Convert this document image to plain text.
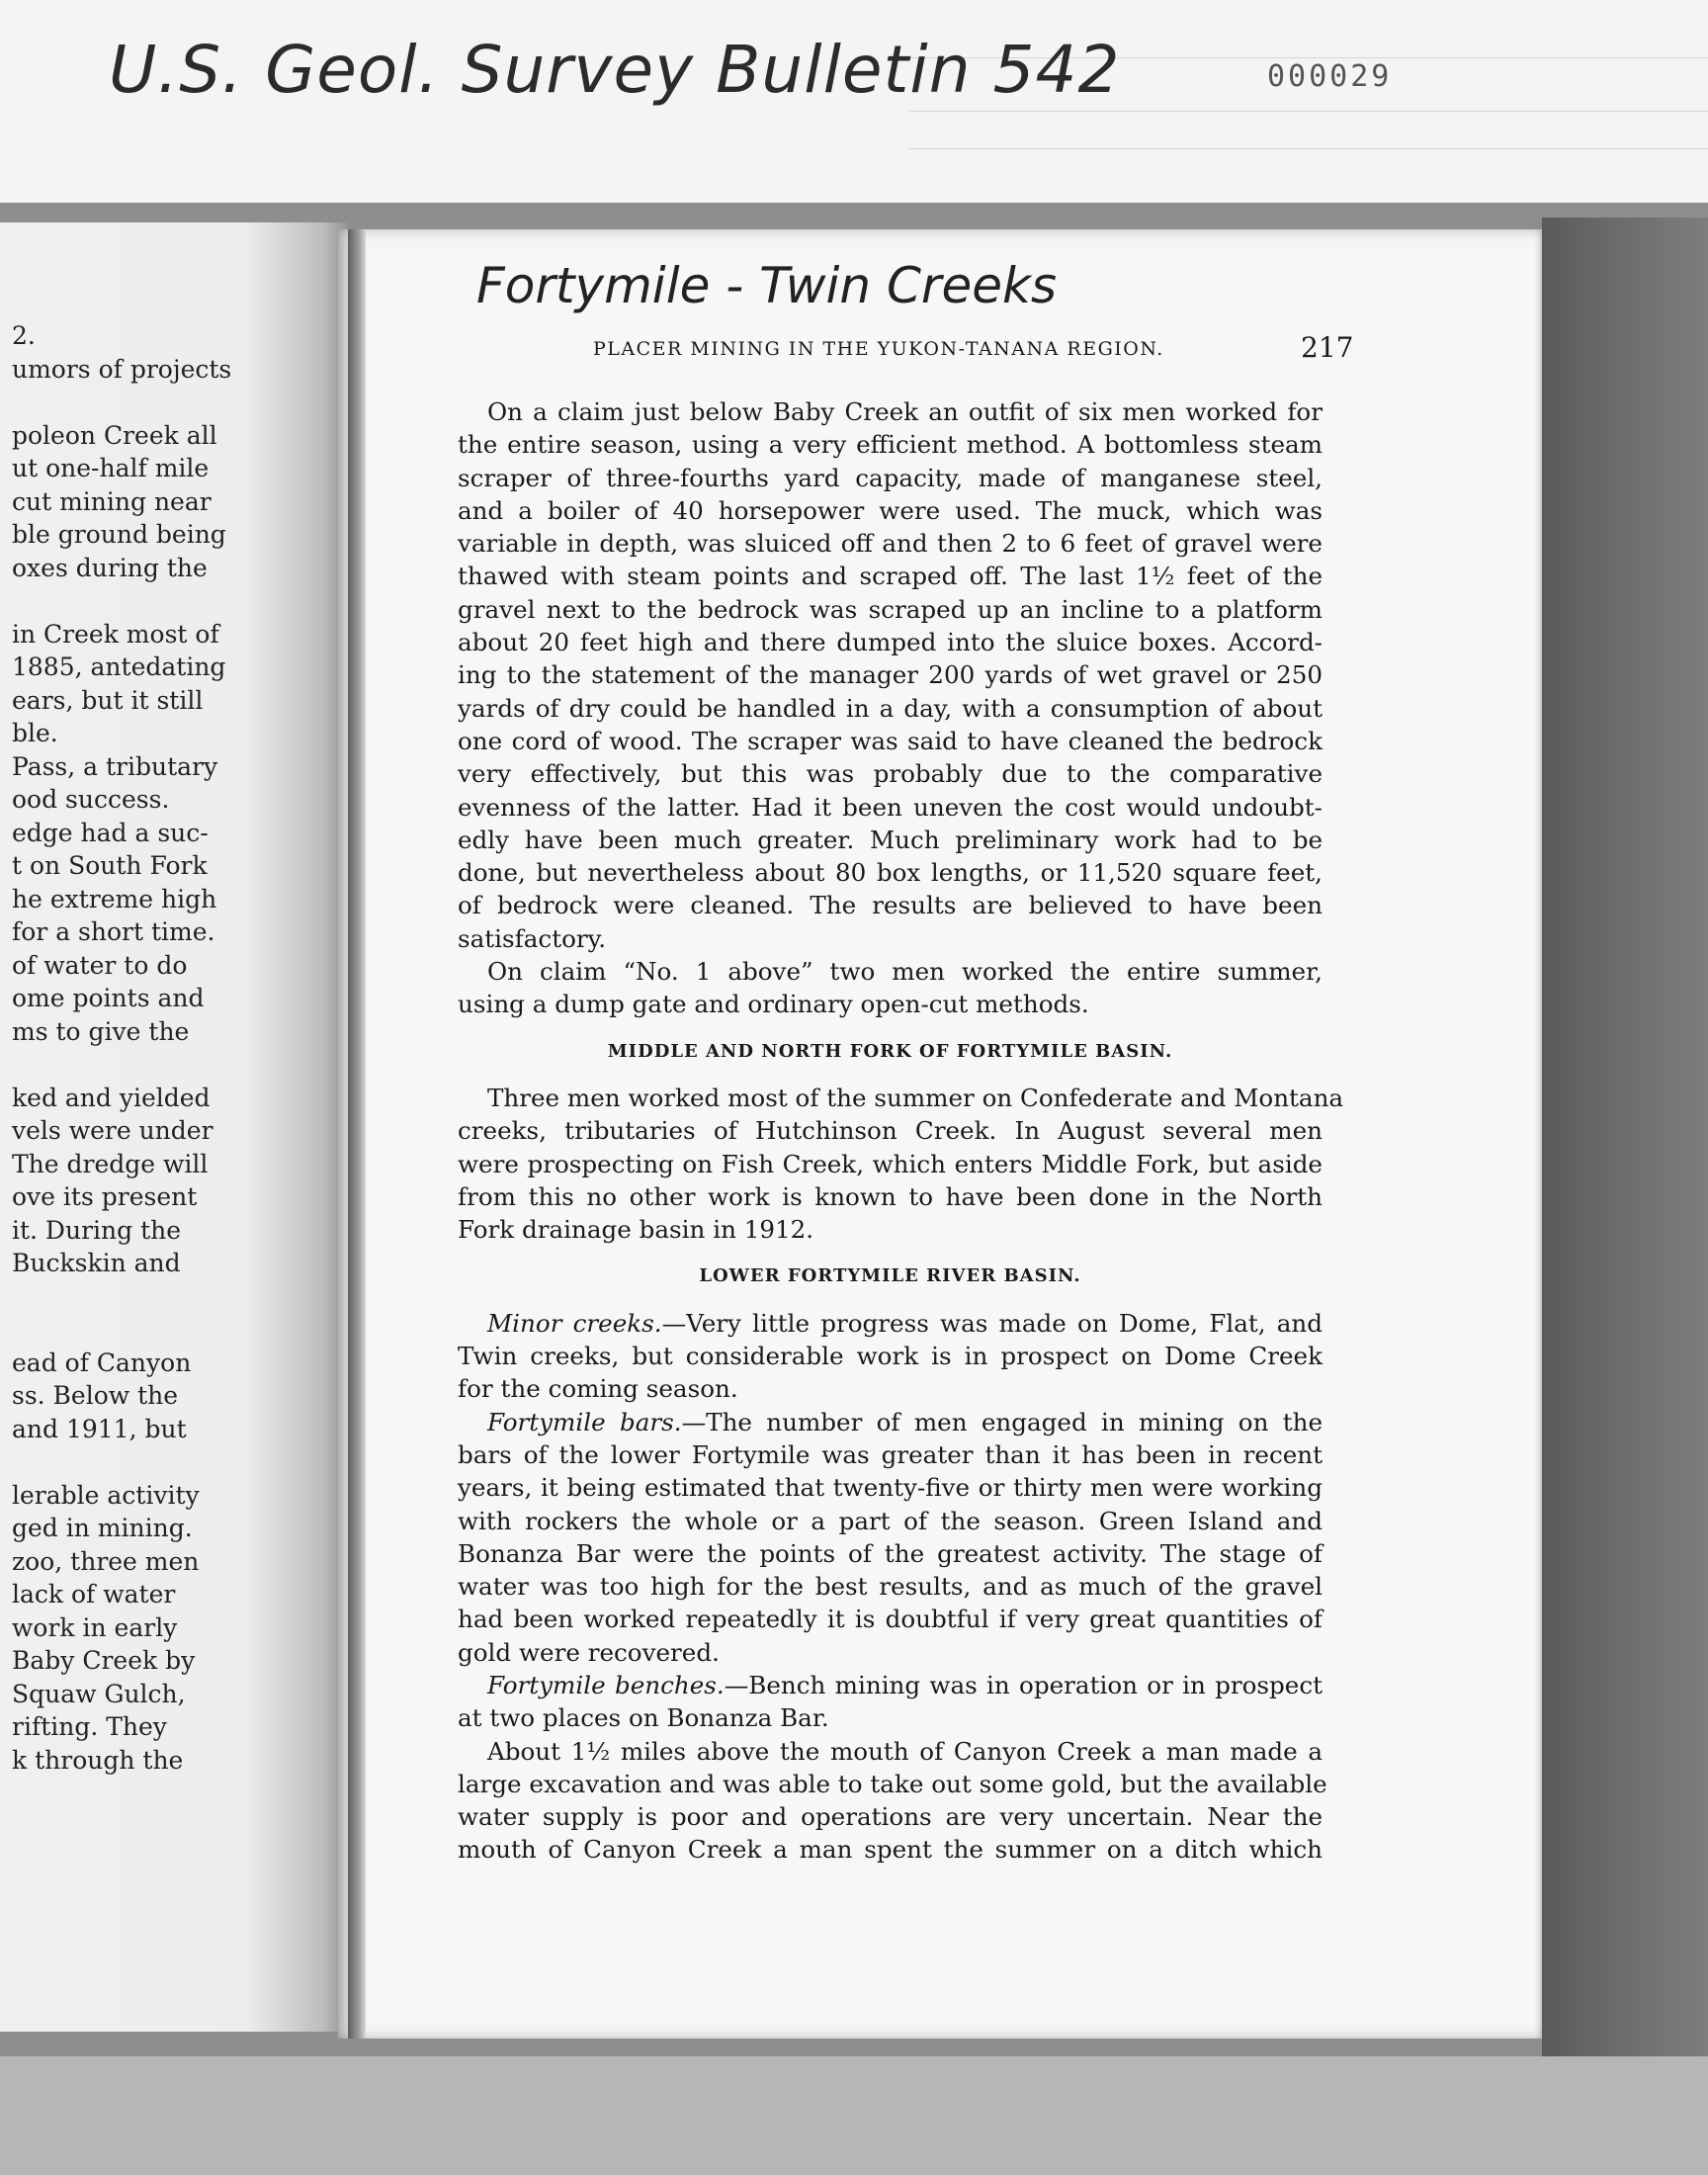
U.S. Geol. Survey Bulletin 542	000029
2.
umors of projects
poleon Creek all
ut one-half mile
cut mining near
ble ground being
oxes during the
in Creek most of
1885, antedating
ears, but it still
ble.
Pass, a tributary
ood success.
edge had a suc-
t on South Fork
he extreme high
for a short time.
of water to do
ome points and
ms to give the
ked and yielded
vels were under
The dredge will
ove its present
it. During the
Buckskin and
ead of Canyon
ss. Below the
and 1911, but
lerable activity
ged in mining.
zoo, three men
lack of water
work in early
Baby Creek by
Squaw Gulch,
rifting. They
k through the
Fortymile - Twin Creeks
PLACER MINING IN THE YUKON-TANANA REGION.	217
On a claim just below Baby Creek an outfit of six men worked for
the entire season, using a very efficient method. A bottomless steam
scraper of three-fourths yard capacity, made of manganese steel,
and a boiler of 40 horsepower were used. The muck, which was
variable in depth, was sluiced off and then 2 to 6 feet of gravel were
thawed with steam points and scraped off. The last 1½ feet of the
gravel next to the bedrock was scraped up an incline to a platform
about 20 feet high and there dumped into the sluice boxes. Accord-
ing to the statement of the manager 200 yards of wet gravel or 250
yards of dry could be handled in a day, with a consumption of about
one cord of wood. The scraper was said to have cleaned the bedrock
very effectively, but this was probably due to the comparative
evenness of the latter. Had it been uneven the cost would undoubt-
edly have been much greater. Much preliminary work had to be
done, but nevertheless about 80 box lengths, or 11,520 square feet,
of bedrock were cleaned. The results are believed to have been
satisfactory.
On claim “No. 1 above” two men worked the entire summer,
using a dump gate and ordinary open-cut methods.
MIDDLE AND NORTH FORK OF FORTYMILE BASIN.
Three men worked most of the summer on Confederate and Montana
creeks, tributaries of Hutchinson Creek. In August several men
were prospecting on Fish Creek, which enters Middle Fork, but aside
from this no other work is known to have been done in the North
Fork drainage basin in 1912.
LOWER FORTYMILE RIVER BASIN.
Minor creeks.—Very little progress was made on Dome, Flat, and
Twin creeks, but considerable work is in prospect on Dome Creek
for the coming season.
Fortymile bars.—The number of men engaged in mining on the
bars of the lower Fortymile was greater than it has been in recent
years, it being estimated that twenty-five or thirty men were working
with rockers the whole or a part of the season. Green Island and
Bonanza Bar were the points of the greatest activity. The stage of
water was too high for the best results, and as much of the gravel
had been worked repeatedly it is doubtful if very great quantities of
gold were recovered.
Fortymile benches.—Bench mining was in operation or in prospect
at two places on Bonanza Bar.
About 1½ miles above the mouth of Canyon Creek a man made a
large excavation and was able to take out some gold, but the available
water supply is poor and operations are very uncertain. Near the
mouth of Canyon Creek a man spent the summer on a ditch which
